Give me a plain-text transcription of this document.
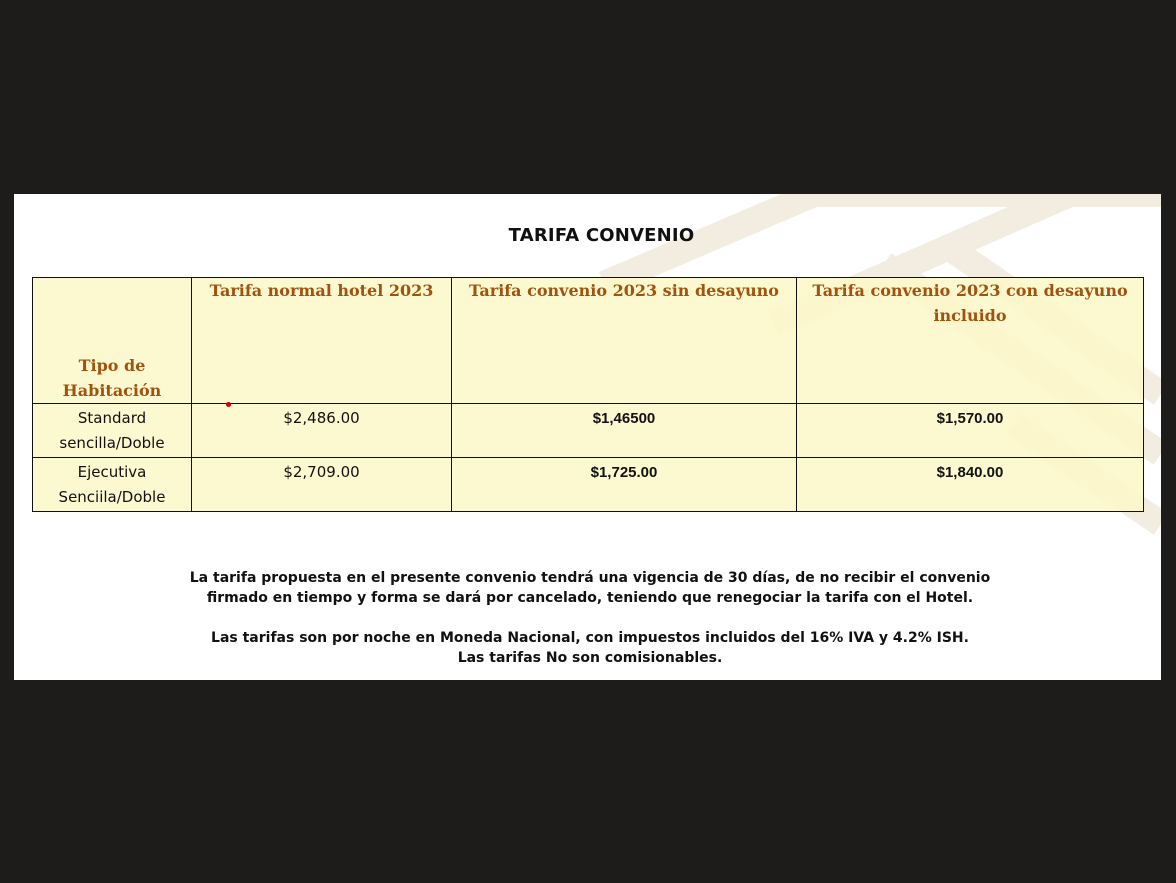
TARIFA CONVENIO
Tipo de Habitación	Tarifa normal hotel 2023	Tarifa convenio 2023 sin desayuno	Tarifa convenio 2023 con desayuno incluido

Standard
sencilla/Doble	$2,486.00	$1,46500	$1,570.00

Ejecutiva
Senciila/Doble	$2,709.00	$1,725.00	$1,840.00

La tarifa propuesta en el presente convenio tendrá una vigencia de 30 días, de no recibir el convenio

firmado en tiempo y forma se dará por cancelado, teniendo que renegociar la tarifa con el Hotel.

Las tarifas son por noche en Moneda Nacional, con impuestos incluidos del 16% IVA y 4.2% ISH.

Las tarifas No son comisionables.
